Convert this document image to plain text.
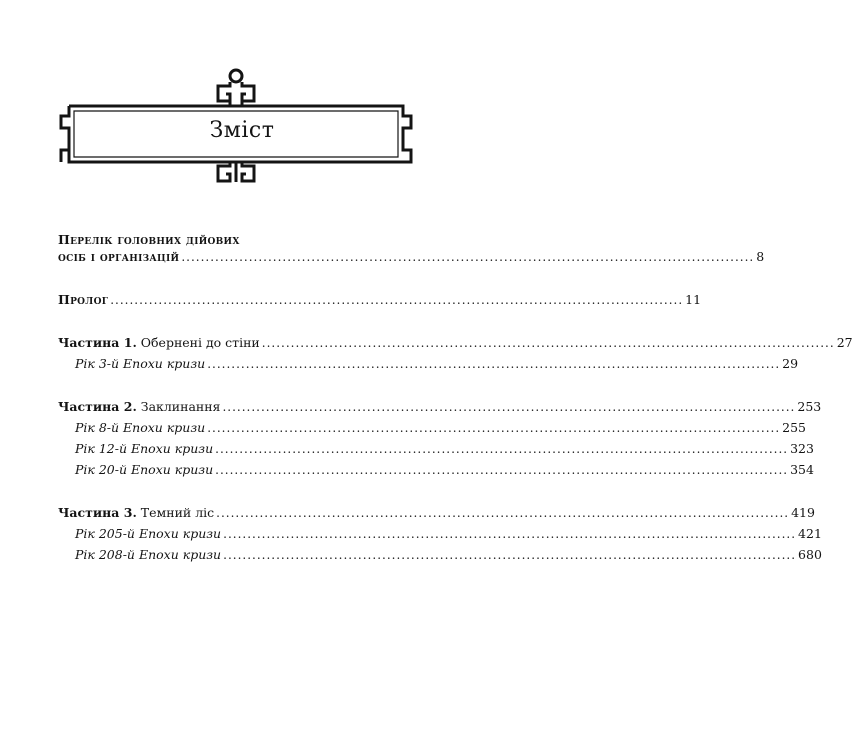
Зміст
Перелік головних дійових
осіб і організацій ....................................................................................................................... 8
Пролог ....................................................................................................................... 11
Частина 1. Обернені до стіни ....................................................................................................................... 27
Рік 3-й Епохи кризи ....................................................................................................................... 29
Частина 2. Заклинання ....................................................................................................................... 253
Рік 8-й Епохи кризи ....................................................................................................................... 255
Рік 12-й Епохи кризи ....................................................................................................................... 323
Рік 20-й Епохи кризи ....................................................................................................................... 354
Частина 3. Темний ліс ....................................................................................................................... 419
Рік 205-й Епохи кризи ....................................................................................................................... 421
Рік 208-й Епохи кризи ....................................................................................................................... 680
